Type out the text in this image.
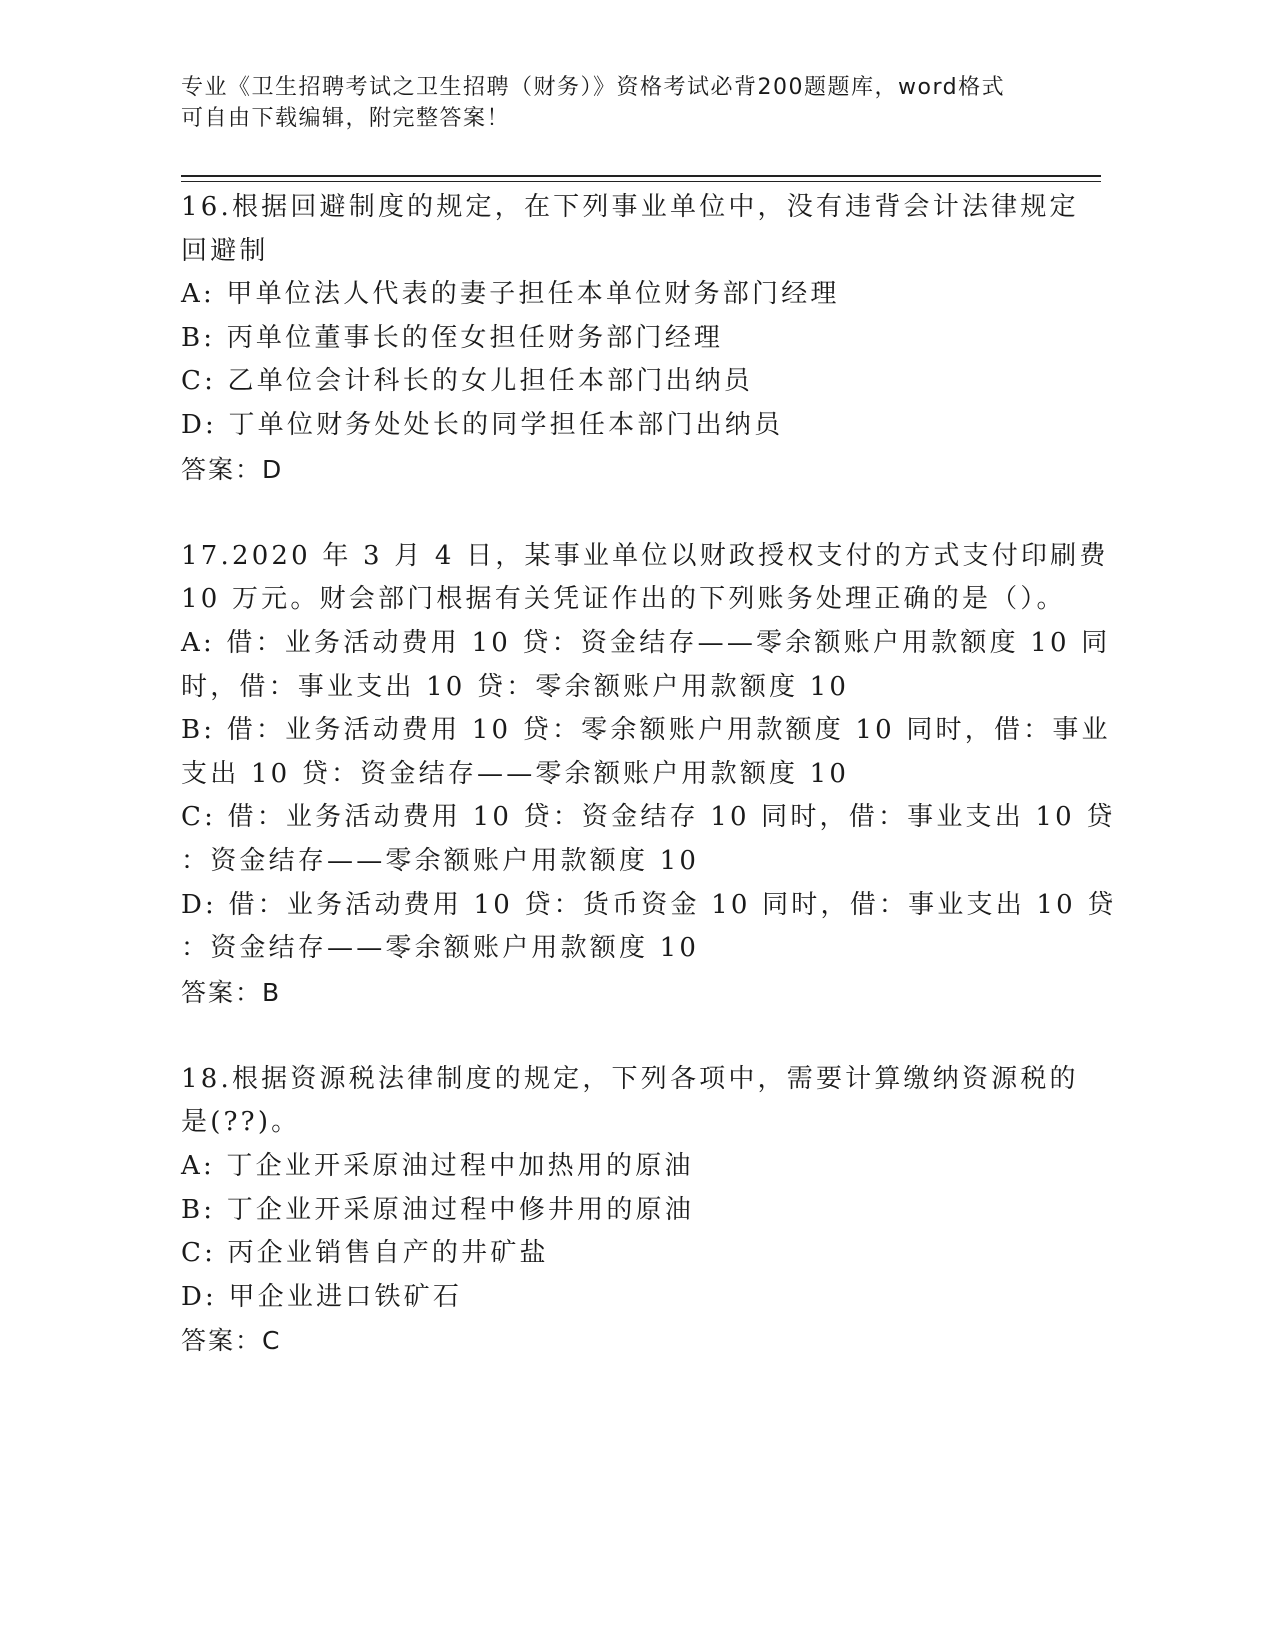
专业《卫生招聘考试之卫生招聘（财务）》资格考试必背200题题库，word格式

可自由下载编辑，附完整答案！

16.根据回避制度的规定，在下列事业单位中，没有违背会计法律规定

回避制

A: 甲单位法人代表的妻子担任本单位财务部门经理

B: 丙单位董事长的侄女担任财务部门经理

C: 乙单位会计科长的女儿担任本部门出纳员

D: 丁单位财务处处长的同学担任本部门出纳员

答案：D

17.2020 年 3 月 4 日，某事业单位以财政授权支付的方式支付印刷费

10 万元。财会部门根据有关凭证作出的下列账务处理正确的是（）。

A: 借：业务活动费用 10 贷：资金结存——零余额账户用款额度 10 同

时，借：事业支出 10 贷：零余额账户用款额度 10

B: 借：业务活动费用 10 贷：零余额账户用款额度 10 同时，借：事业

支出 10 贷：资金结存——零余额账户用款额度 10

C: 借：业务活动费用 10 贷：资金结存 10 同时，借：事业支出 10 贷

：资金结存——零余额账户用款额度 10

D: 借：业务活动费用 10 贷：货币资金 10 同时，借：事业支出 10 贷

：资金结存——零余额账户用款额度 10

答案：B

18.根据资源税法律制度的规定，下列各项中，需要计算缴纳资源税的

是(??)。

A: 丁企业开采原油过程中加热用的原油

B: 丁企业开采原油过程中修井用的原油

C: 丙企业销售自产的井矿盐

D: 甲企业进口铁矿石

答案：C
